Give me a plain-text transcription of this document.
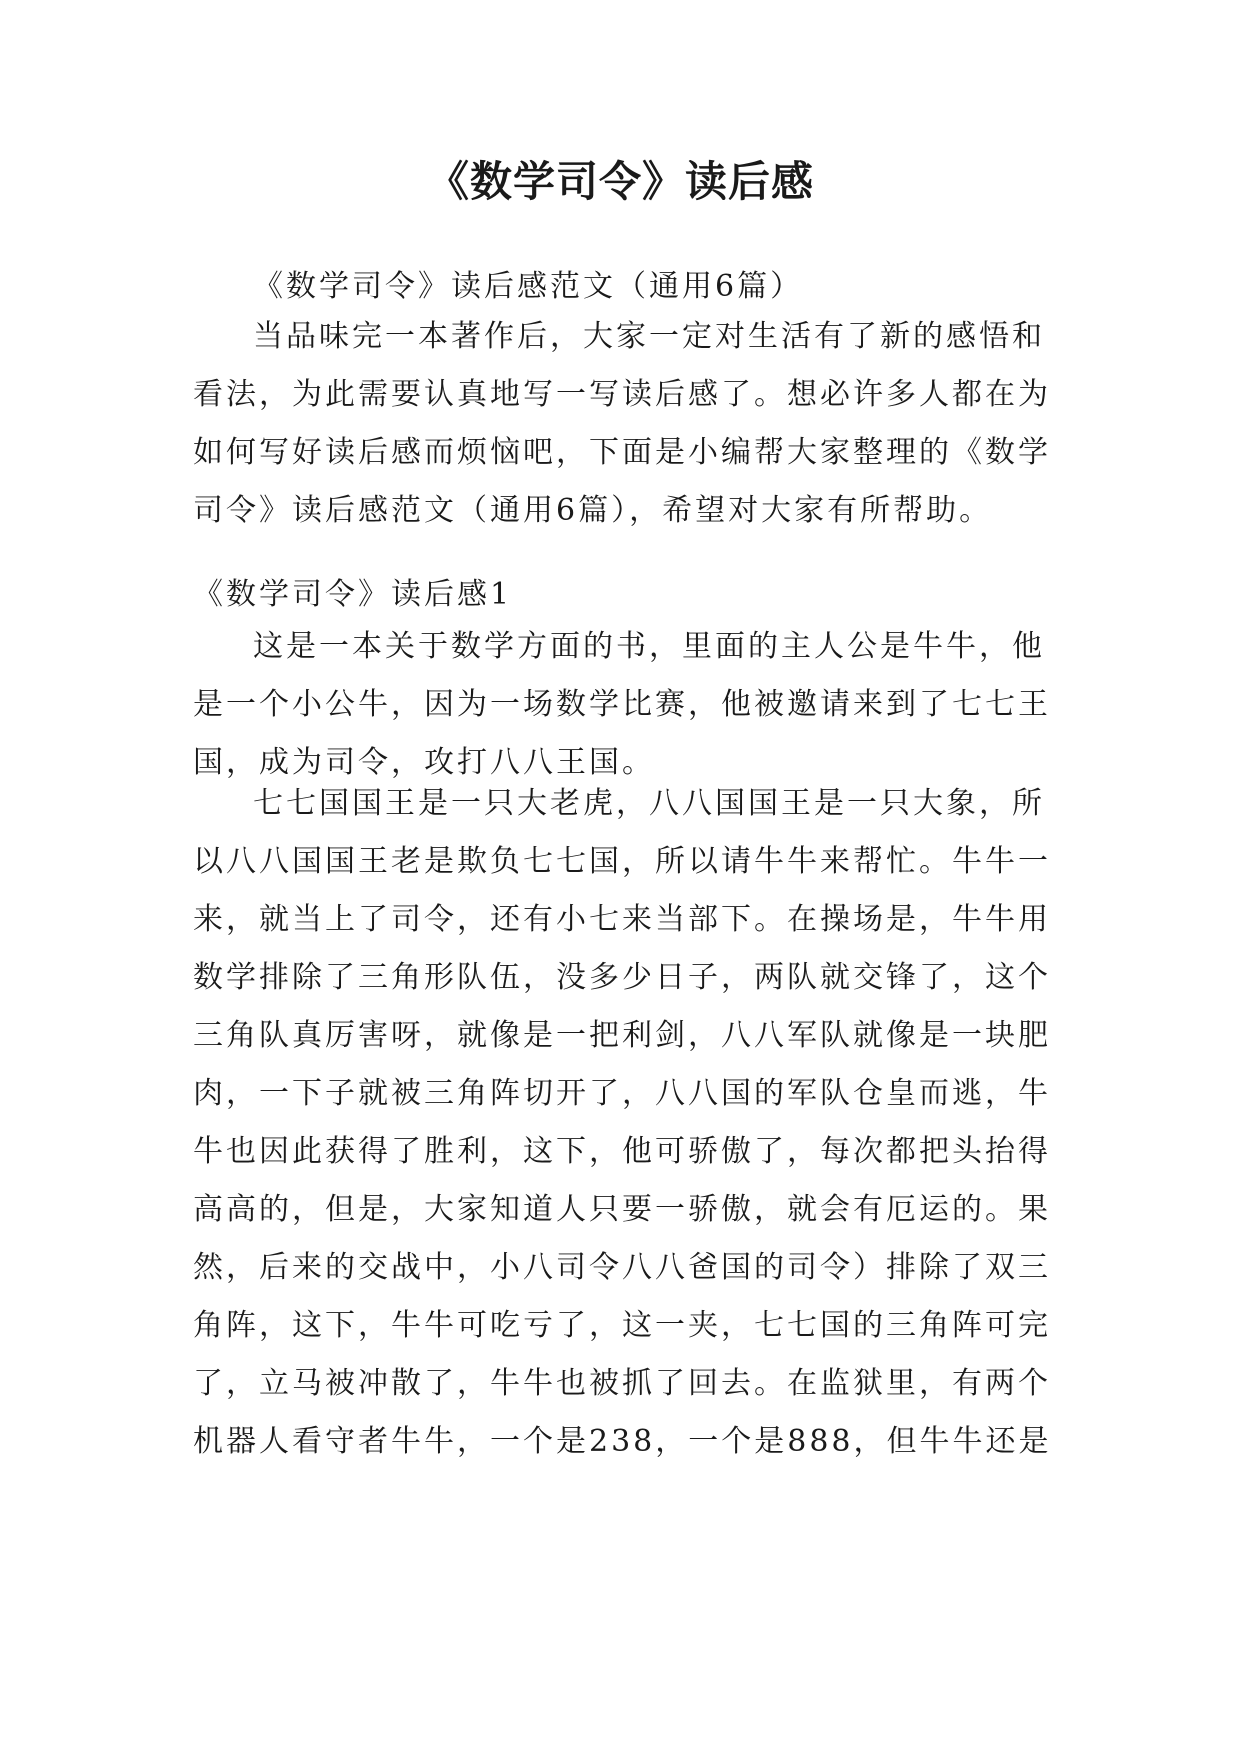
《数学司令》读后感
《数学司令》读后感范文（通用6篇）
当品味完一本著作后，大家一定对生活有了新的感悟和
看法，为此需要认真地写一写读后感了。想必许多人都在为
如何写好读后感而烦恼吧，下面是小编帮大家整理的《数学
司令》读后感范文（通用6篇），希望对大家有所帮助。
《数学司令》读后感1
这是一本关于数学方面的书，里面的主人公是牛牛，他
是一个小公牛，因为一场数学比赛，他被邀请来到了七七王
国，成为司令，攻打八八王国。
七七国国王是一只大老虎，八八国国王是一只大象，所
以八八国国王老是欺负七七国，所以请牛牛来帮忙。牛牛一
来，就当上了司令，还有小七来当部下。在操场是，牛牛用
数学排除了三角形队伍，没多少日子，两队就交锋了，这个
三角队真厉害呀，就像是一把利剑，八八军队就像是一块肥
肉，一下子就被三角阵切开了，八八国的军队仓皇而逃，牛
牛也因此获得了胜利，这下，他可骄傲了，每次都把头抬得
高高的，但是，大家知道人只要一骄傲，就会有厄运的。果
然，后来的交战中，小八司令八八爸国的司令）排除了双三
角阵，这下，牛牛可吃亏了，这一夹，七七国的三角阵可完
了，立马被冲散了，牛牛也被抓了回去。在监狱里，有两个
机器人看守者牛牛，一个是238，一个是888，但牛牛还是
